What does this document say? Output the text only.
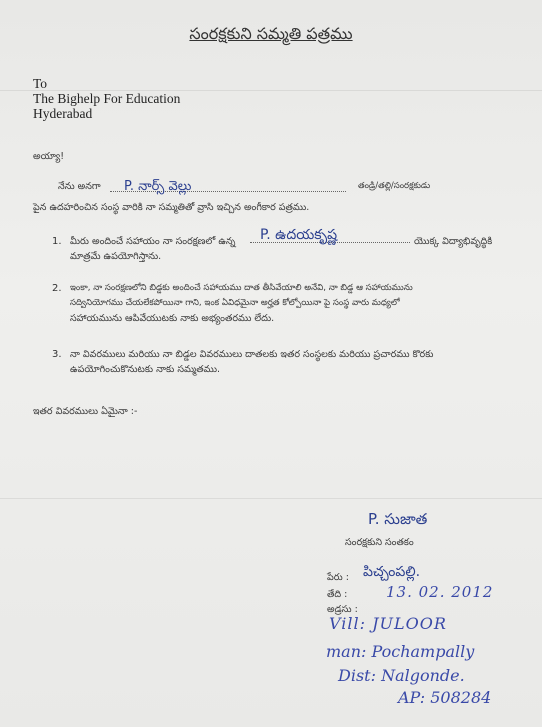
సంరక్షకుని సమ్మతి పత్రము
To
The Bighelp For Education
Hyderabad
అయ్యా!
నేను అనగా	P. నార్స్ వెల్లు	తండ్రి/తల్లి/సంరక్షకుడు
పైన ఉదహరించిన సంస్థ వారికి నా సమ్మతితో వ్రాసి ఇచ్చిన అంగీకార పత్రము.
1. మీరు అందించే సహాయం నా సంరక్షణలో ఉన్న	P. ఉదయకృష్ణ	యొక్క విద్యాభివృద్ధికి
మాత్రమే ఉపయోగిస్తాను.
2. ఇంకా, నా సంరక్షణలోని బిడ్డకు అందించే సహాయము దాత తీసివేయాలి అనేవి, నా బిడ్డ ఆ సహాయమును
సద్వినియోగము చేయలేకపోయినా గాని, ఇంక ఏవిధమైనా అర్హత కోల్పోయినా పై సంస్థ వారు మధ్యలో
సహాయమును ఆపివేయుటకు నాకు అభ్యంతరము లేదు.
3. నా వివరములు మరియు నా బిడ్డల వివరములు దాతలకు ఇతర సంస్థలకు మరియు ప్రచారము కొరకు
ఉపయోగించుకొనుటకు నాకు సమ్మతము.
ఇతర వివరములు ఏమైనా :-
P. సుజాత
సంరక్షకుని సంతకం
పేరు : పిచ్చంపల్లి.
తేది :	13. 02. 2012
అడ్రసు :
Vill: JULOOR
man: Pochampally
Dist: Nalgonde.
AP: 508284
